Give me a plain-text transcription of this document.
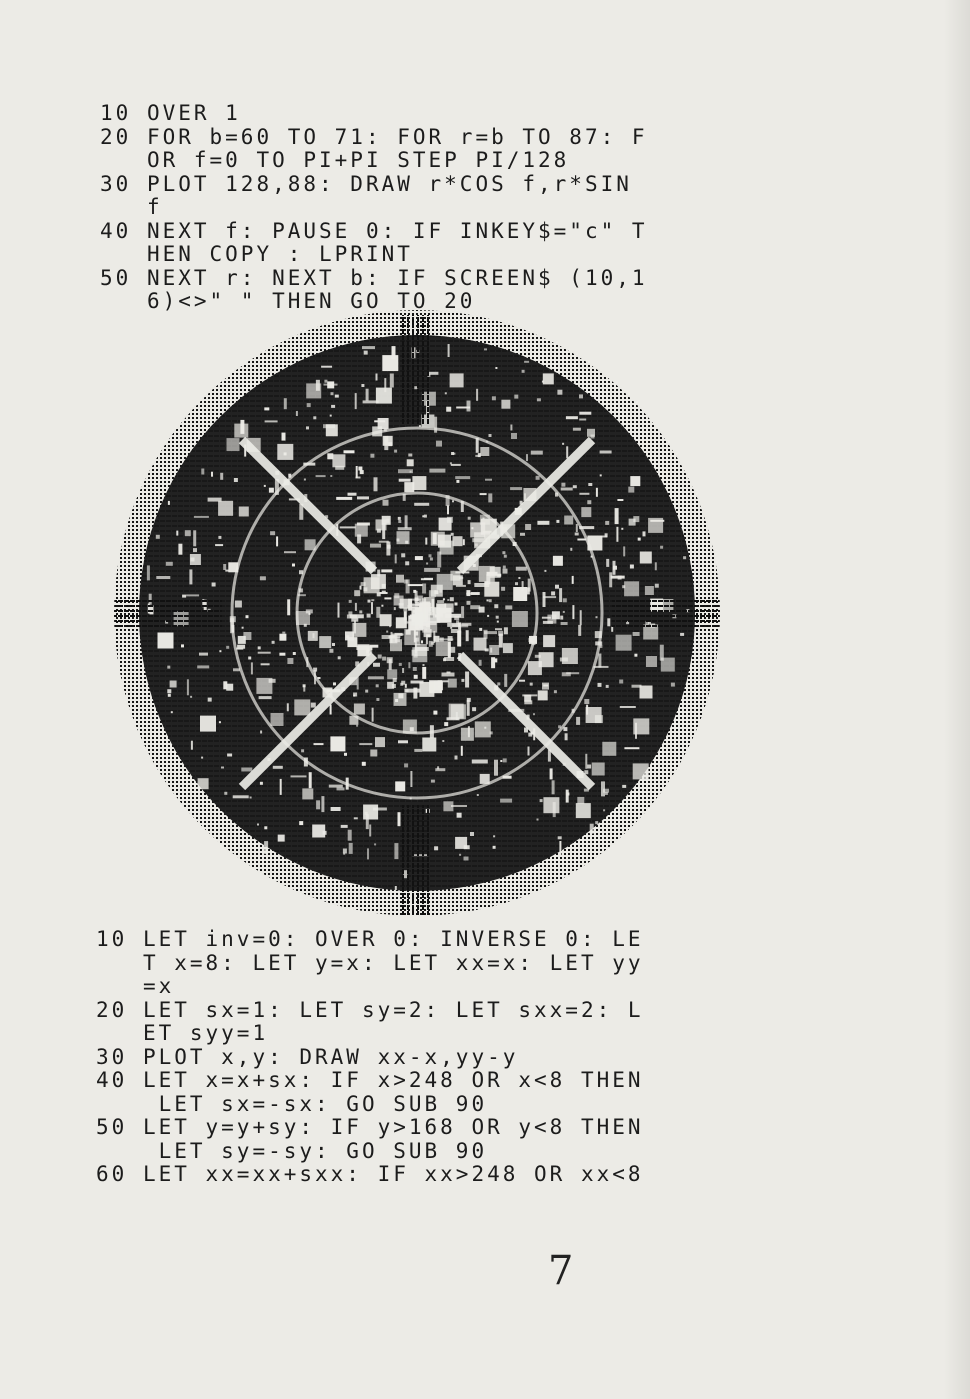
10 OVER 1
20 FOR b=60 TO 71: FOR r=b TO 87: F
OR f=0 TO PI+PI STEP PI/128
30 PLOT 128,88: DRAW r*COS f,r*SIN
f
40 NEXT f: PAUSE 0: IF INKEY$="c" T
HEN COPY : LPRINT
50 NEXT r: NEXT b: IF SCREEN$ (10,1
6)<>" " THEN GO TO 20
10 LET inv=0: OVER 0: INVERSE 0: LE
T x=8: LET y=x: LET xx=x: LET yy
=x
20 LET sx=1: LET sy=2: LET sxx=2: L
ET syy=1
30 PLOT x,y: DRAW xx-x,yy-y
40 LET x=x+sx: IF x>248 OR x<8 THEN
LET sx=-sx: GO SUB 90
50 LET y=y+sy: IF y>168 OR y<8 THEN
LET sy=-sy: GO SUB 90
60 LET xx=xx+sxx: IF xx>248 OR xx<8
7
